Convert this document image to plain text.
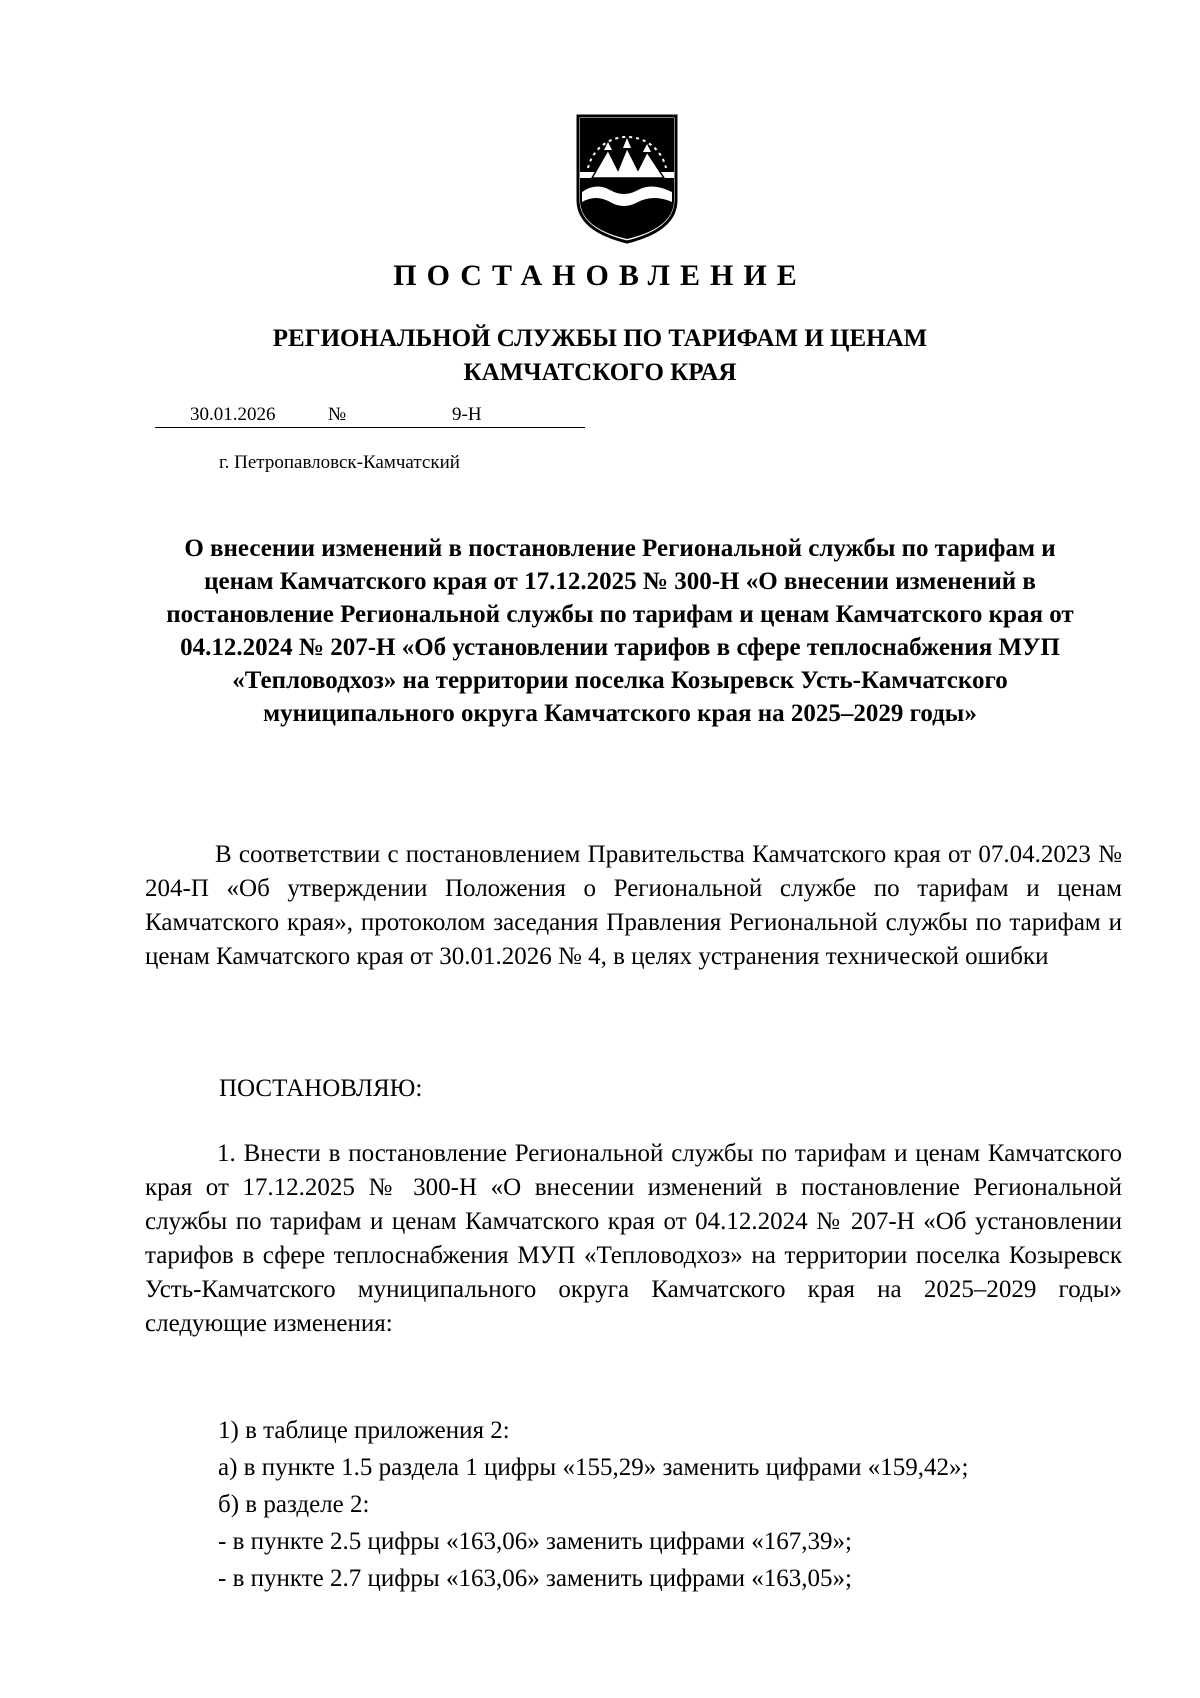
ПОСТАНОВЛЕНИЕ
РЕГИОНАЛЬНОЙ СЛУЖБЫ ПО ТАРИФАМ И ЦЕНАМ
КАМЧАТСКОГО КРАЯ
30.01.2026	№	9-Н
г. Петропавловск-Камчатский
О внесении изменений в постановление Региональной службы по тарифам и ценам Камчатского края от 17.12.2025 № 300-Н «О внесении изменений в постановление Региональной службы по тарифам и ценам Камчатского края от 04.12.2024 № 207-Н «Об установлении тарифов в сфере теплоснабжения МУП «Тепловодхоз» на территории поселка Козыревск Усть-Камчатского муниципального округа Камчатского края на 2025–2029 годы»

В соответствии с постановлением Правительства Камчатского края от 07.04.2023 № 204-П «Об утверждении Положения о Региональной службе по тарифам и ценам Камчатского края», протоколом заседания Правления Региональной службы по тарифам и ценам Камчатского края от 30.01.2026 № 4, в целях устранения технической ошибки

ПОСТАНОВЛЯЮ:

1. Внести в постановление Региональной службы по тарифам и ценам Камчатского края от 17.12.2025 № 300-Н «О внесении изменений в постановление Региональной службы по тарифам и ценам Камчатского края от 04.12.2024 № 207-Н «Об установлении тарифов в сфере теплоснабжения МУП «Тепловодхоз» на территории поселка Козыревск Усть-Камчатского муниципального округа Камчатского края на 2025–2029 годы» следующие изменения:

1) в таблице приложения 2:

а) в пункте 1.5 раздела 1 цифры «155,29» заменить цифрами «159,42»;

б) в разделе 2:

- в пункте 2.5 цифры «163,06» заменить цифрами «167,39»;

- в пункте 2.7 цифры «163,06» заменить цифрами «163,05»;
